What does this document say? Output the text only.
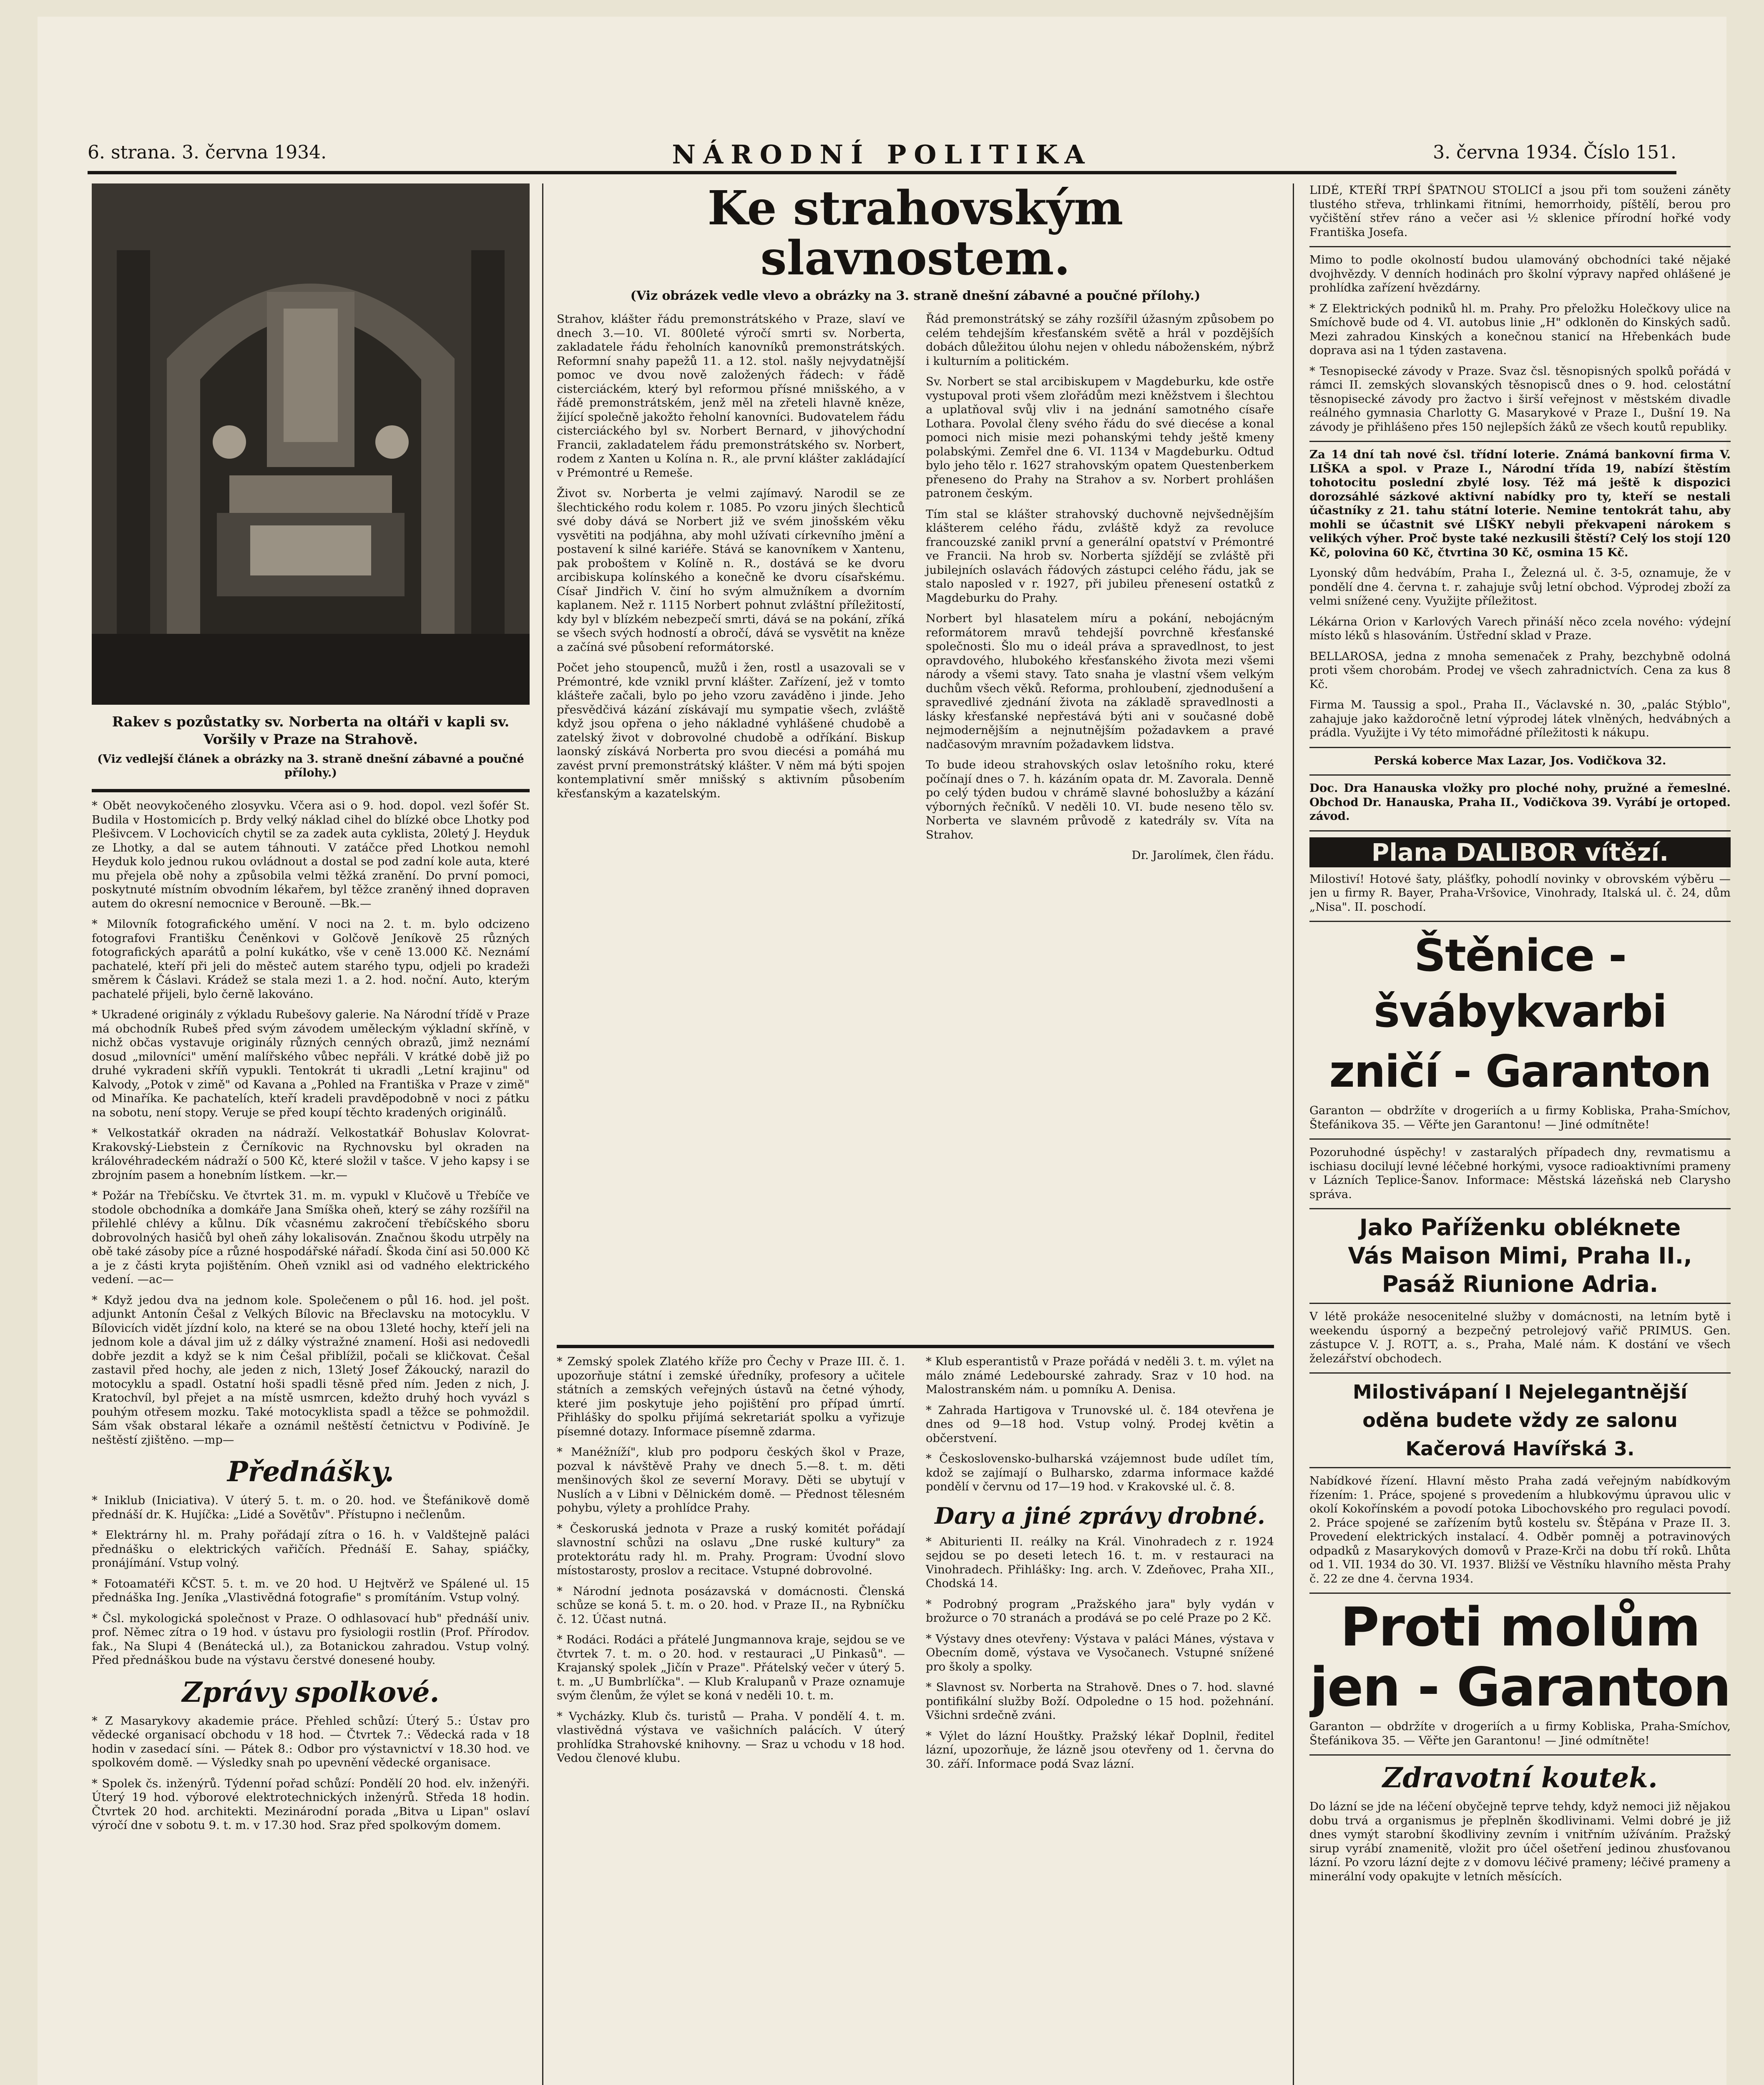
6. strana. 3. června 1934.	NÁRODNÍ POLITIKA	3. června 1934. Číslo 151.
Rakev s pozůstatky sv. Norberta na oltáři v kapli sv. Voršily v Praze na Strahově.
(Viz vedlejší článek a obrázky na 3. straně dnešní zábavné a poučné přílohy.)

* Obět neovykočeného zlosyvku. Včera asi o 9. hod. dopol. vezl šofér St. Budila v Hostomicích p. Brdy velký náklad cihel do blízké obce Lhotky pod Plešivcem. V Lochovicích chytil se za zadek auta cyklista, 20letý J. Heyduk ze Lhotky, a dal se autem táhnouti. V zatáčce před Lhotkou nemohl Heyduk kolo jednou rukou ovládnout a dostal se pod zadní kole auta, které mu přejela obě nohy a způsobila velmi těžká zranění. Do první pomoci, poskytnuté místním obvodním lékařem, byl těžce zraněný ihned dopraven autem do okresní nemocnice v Berouně. —Bk.—

* Milovník fotografického umění. V noci na 2. t. m. bylo odcizeno fotografovi Františku Čeněnkovi v Golčově Jeníkově 25 různých fotografických aparátů a polní kukátko, vše v ceně 13.000 Kč. Neznámí pachatelé, kteří při jeli do městeč autem starého typu, odjeli po kradeži směrem k Čáslavi. Krádež se stala mezi 1. a 2. hod. noční. Auto, kterým pachatelé přijeli, bylo černě lakováno.

* Ukradené originály z výkladu Rubešovy galerie. Na Národní třídě v Praze má obchodník Rubeš před svým závodem uměleckým výkladní skříně, v nichž občas vystavuje originály různých cenných obrazů, jimž neznámí dosud „milovníci" umění malířského vůbec nepřáli. V krátké době již po druhé vykradeni skříň vypukli. Tentokrát ti ukradli „Letní krajinu" od Kalvody, „Potok v zimě" od Kavana a „Pohled na Františka v Praze v zimě" od Minaříka. Ke pachatelích, kteří kradeli pravděpodobně v noci z pátku na sobotu, není stopy. Veruje se před koupí těchto kradených originálů.

* Velkostatkář okraden na nádraží. Velkostatkář Bohuslav Kolovrat-Krakovský-Liebstein z Černíkovic na Rychnovsku byl okraden na královéhradeckém nádraží o 500 Kč, které složil v tašce. V jeho kapsy i se zbrojním pasem a honebním lístkem. —kr.—

* Požár na Třebíčsku. Ve čtvrtek 31. m. m. vypukl v Klučově u Třebíče ve stodole obchodníka a domkáře Jana Smíška oheň, který se záhy rozšířil na přilehlé chlévy a kůlnu. Dík včasnému zakročení třebíčského sboru dobrovolných hasičů byl oheň záhy lokalisován. Značnou škodu utrpěly na obě také zásoby píce a různé hospodářské nářadí. Škoda činí asi 50.000 Kč a je z části kryta pojištěním. Oheň vznikl asi od vadného elektrického vedení. —ac—

* Když jedou dva na jednom kole. Společenem o půl 16. hod. jel pošt. adjunkt Antonín Češal z Velkých Bílovic na Břeclavsku na motocyklu. V Bílovicích vidět jízdní kolo, na které se na obou 13leté hochy, kteří jeli na jednom kole a dával jim už z dálky výstražné znamení. Hoši asi nedovedli dobře jezdit a když se k nim Češal přiblížil, počali se kličkovat. Češal zastavil před hochy, ale jeden z nich, 13letý Josef Žákoucký, narazil do motocyklu a spadl. Ostatní hoši spadli těsně před ním. Jeden z nich, J. Kratochvíl, byl přejet a na místě usmrcen, kdežto druhý hoch vyvázl s pouhým otřesem mozku. Také motocyklista spadl a těžce se pohmoždil. Sám však obstaral lékaře a oznámil neštěstí četnictvu v Podivíně. Je neštěstí zjištěno. —mp—

Přednášky.

* Iniklub (Iniciativa). V úterý 5. t. m. o 20. hod. ve Štefánikově domě přednáší dr. K. Hujíčka: „Lidé a Sovětův". Přístupno i nečlenům.

* Elektrárny hl. m. Prahy pořádají zítra o 16. h. v Valdštejně paláci přednášku o elektrických vařičích. Přednáší E. Sahay, spiáčky, pronájímání. Vstup volný.

* Fotoamatéři KČST. 5. t. m. ve 20 hod. U Hejtvěrž ve Spálené ul. 15 přednáška Ing. Jeníka „Vlastivědná fotografie" s promítáním. Vstup volný.

* Čsl. mykologická společnost v Praze. O odhlasovací hub" přednáší univ. prof. Němec zítra o 19 hod. v ústavu pro fysiologii rostlin (Prof. Přírodov. fak., Na Slupi 4 (Benátecká ul.), za Botanickou zahradou. Vstup volný. Před přednáškou bude na výstavu čerstvé donesené houby.

Zprávy spolkové.

* Z Masarykovy akademie práce. Přehled schůzí: Úterý 5.: Ústav pro vědecké organisací obchodu v 18 hod. — Čtvrtek 7.: Vědecká rada v 18 hodin v zasedací síni. — Pátek 8.: Odbor pro výstavnictví v 18.30 hod. ve spolkovém domě. — Výsledky snah po upevnění vědecké organisace.

* Spolek čs. inženýrů. Týdenní pořad schůzí: Pondělí 20 hod. elv. inženýři. Úterý 19 hod. výborové elektrotechnických inženýrů. Středa 18 hodin. Čtvrtek 20 hod. architekti. Mezinárodní porada „Bitva u Lipan" oslaví výročí dne v sobotu 9. t. m. v 17.30 hod. Sraz před spolkovým domem.

Ke strahovským slavnostem.
(Viz obrázek vedle vlevo a obrázky na 3. straně dnešní zábavné a poučné přílohy.)

Strahov, klášter řádu premonstrátského v Praze, slaví ve dnech 3.—10. VI. 800leté výročí smrti sv. Norberta, zakladatele řádu řeholních kanovníků premonstrátských. Reformní snahy papežů 11. a 12. stol. našly nejvydatnější pomoc ve dvou nově založených řádech: v řádě cisterciáckém, který byl reformou přísné mnišského, a v řádě premonstrátském, jenž měl na zřeteli hlavně kněze, žijící společně jakožto řeholní kanovníci. Budovatelem řádu cisterciáckého byl sv. Norbert Bernard, v jihovýchodní Francii, zakladatelem řádu premonstrátského sv. Norbert, rodem z Xanten u Kolína n. R., ale první klášter zakládající v Prémontré u Remeše.

Život sv. Norberta je velmi zajímavý. Narodil se ze šlechtického rodu kolem r. 1085. Po vzoru jiných šlechticů své doby dává se Norbert již ve svém jinošském věku vysvětiti na podjáhna, aby mohl užívati církevního jmění a postavení k silné kariéře. Stává se kanovníkem v Xantenu, pak proboštem v Kolíně n. R., dostává se ke dvoru arcibiskupa kolínského a konečně ke dvoru císařskému. Císař Jindřich V. činí ho svým almužníkem a dvorním kaplanem. Než r. 1115 Norbert pohnut zvláštní příležitostí, kdy byl v blízkém nebezpečí smrti, dává se na pokání, zříká se všech svých hodností a obročí, dává se vysvětit na kněze a začíná své působení reformátorské.

Počet jeho stoupenců, mužů i žen, rostl a usazovali se v Prémontré, kde vznikl první klášter. Zařízení, jež v tomto klášteře začali, bylo po jeho vzoru zaváděno i jinde. Jeho přesvědčivá kázání získávají mu sympatie všech, zvláště když jsou opřena o jeho nákladné vyhlášené chudobě a zatelský život v dobrovolné chudobě a odříkání. Biskup laonský získává Norberta pro svou diecési a pomáhá mu zavést první premonstrátský klášter. V něm má býti spojen kontemplativní směr mnišský s aktivním působením křesťanským a kazatelským.

Řád premonstrátský se záhy rozšířil úžasným způsobem po celém tehdejším křesťanském světě a hrál v pozdějších dobách důležitou úlohu nejen v ohledu náboženském, nýbrž i kulturním a politickém.

Sv. Norbert se stal arcibiskupem v Magdeburku, kde ostře vystupoval proti všem zlořádům mezi kněžstvem i šlechtou a uplatňoval svůj vliv i na jednání samotného císaře Lothara. Povolal členy svého řádu do své diecése a konal pomoci nich misie mezi pohanskými tehdy ještě kmeny polabskými. Zemřel dne 6. VI. 1134 v Magdeburku. Odtud bylo jeho tělo r. 1627 strahovským opatem Questenberkem přeneseno do Prahy na Strahov a sv. Norbert prohlášen patronem českým.

Tím stal se klášter strahovský duchovně nejvšednějším klášterem celého řádu, zvláště když za revoluce francouzské zanikl první a generální opatství v Prémontré ve Francii. Na hrob sv. Norberta sjíždějí se zvláště při jubilejních oslavách řádových zástupci celého řádu, jak se stalo naposled v r. 1927, při jubileu přenesení ostatků z Magdeburku do Prahy.

Norbert byl hlasatelem míru a pokání, nebojácným reformátorem mravů tehdejší povrchně křesťanské společnosti. Šlo mu o ideál práva a spravedlnost, to jest opravdového, hlubokého křesťanského života mezi všemi národy a všemi stavy. Tato snaha je vlastní všem velkým duchům všech věků. Reforma, prohloubení, zjednodušení a spravedlivé zjednání života na základě spravedlnosti a lásky křesťanské nepřestává býti ani v současné době nejmodernějším a nejnutnějším požadavkem a pravé nadčasovým mravním požadavkem lidstva.

To bude ideou strahovských oslav letošního roku, které počínají dnes o 7. h. kázáním opata dr. M. Zavorala. Denně po celý týden budou v chrámě slavné bohoslužby a kázání výborných řečníků. V neděli 10. VI. bude neseno tělo sv. Norberta ve slavném průvodě z katedrály sv. Víta na Strahov.

Dr. Jarolímek, člen řádu.

* Zemský spolek Zlatého kříže pro Čechy v Praze III. č. 1. upozorňuje státní i zemské úředníky, profesory a učitele státních a zemských veřejných ústavů na četné výhody, které jim poskytuje jeho pojištění pro případ úmrtí. Přihlášky do spolku přijímá sekretariát spolku a vyřizuje písemné dotazy. Informace písemně zdarma.

* Manéžníží", klub pro podporu českých škol v Praze, pozval k návštěvě Prahy ve dnech 5.—8. t. m. děti menšinových škol ze severní Moravy. Děti se ubytují v Nuslích a v Libni v Dělnickém domě. — Přednost tělesném pohybu, výlety a prohlídce Prahy.

* Českoruská jednota v Praze a ruský komitét pořádají slavnostní schůzi na oslavu „Dne ruské kultury" za protektorátu rady hl. m. Prahy. Program: Úvodní slovo místostarosty, proslov a recitace. Vstupné dobrovolné.

* Národní jednota posázavská v domácnosti. Členská schůze se koná 5. t. m. o 20. hod. v Praze II., na Rybníčku č. 12. Účast nutná.

* Rodáci. Rodáci a přátelé Jungmannova kraje, sejdou se ve čtvrtek 7. t. m. o 20. hod. v restauraci „U Pinkasů". — Krajanský spolek „Jičín v Praze". Přátelský večer v úterý 5. t. m. „U Bumbrlíčka". — Klub Kralupanů v Praze oznamuje svým členům, že výlet se koná v neděli 10. t. m.

* Vycházky. Klub čs. turistů — Praha. V pondělí 4. t. m. vlastivědná výstava ve vašichních palácích. V úterý prohlídka Strahovské knihovny. — Sraz u vchodu v 18 hod. Vedou členové klubu.

* Klub esperantistů v Praze pořádá v neděli 3. t. m. výlet na málo známé Ledebourské zahrady. Sraz v 10 hod. na Malostranském nám. u pomníku A. Denisa.

* Zahrada Hartigova v Trunovské ul. č. 184 otevřena je dnes od 9—18 hod. Vstup volný. Prodej květin a občerstvení.

* Československo-bulharská vzájemnost bude udílet tím, kdož se zajímají o Bulharsko, zdarma informace každé pondělí v červnu od 17—19 hod. v Krakovské ul. č. 8.

Dary a jiné zprávy drobné.

* Abiturienti II. reálky na Král. Vinohradech z r. 1924 sejdou se po deseti letech 16. t. m. v restauraci na Vinohradech. Přihlášky: Ing. arch. V. Zdeňovec, Praha XII., Chodská 14.

* Podrobný program „Pražského jara" byly vydán v brožurce o 70 stranách a prodává se po celé Praze po 2 Kč.

* Výstavy dnes otevřeny: Výstava v paláci Mánes, výstava v Obecním domě, výstava ve Vysočanech. Vstupné snížené pro školy a spolky.

* Slavnost sv. Norberta na Strahově. Dnes o 7. hod. slavné pontifikální služby Boží. Odpoledne o 15 hod. požehnání. Všichni srdečně zváni.

* Výlet do lázní Houštky. Pražský lékař Doplnil, ředitel lázní, upozorňuje, že lázně jsou otevřeny od 1. června do 30. září. Informace podá Svaz lázní.

LIDÉ, KTEŘÍ TRPÍ ŠPATNOU STOLICÍ a jsou při tom souženi záněty tlustého střeva, trhlinkami řitními, hemorrhoidy, píštělí, berou pro vyčištění střev ráno a večer asi ½ sklenice přírodní hořké vody Františka Josefa.

Mimo to podle okolností budou ulamováný obchodníci také nějaké dvojhvězdy. V denních hodinách pro školní výpravy napřed ohlášené je prohlídka zařízení hvězdárny.

* Z Elektrických podniků hl. m. Prahy. Pro přeložku Holečkovy ulice na Smíchově bude od 4. VI. autobus linie „H" odkloněn do Kinských sadů. Mezi zahradou Kinských a konečnou stanicí na Hřebenkách bude doprava asi na 1 týden zastavena.

* Tesnopisecké závody v Praze. Svaz čsl. těsnopisných spolků pořádá v rámci II. zemských slovanských těsnopisců dnes o 9. hod. celostátní těsnopisecké závody pro žactvo i širší veřejnost v městském divadle reálného gymnasia Charlotty G. Masarykové v Praze I., Dušní 19. Na závody je přihlášeno přes 150 nejlepších žáků ze všech koutů republiky.

Za 14 dní tah nové čsl. třídní loterie. Známá bankovní firma V. LIŠKA a spol. v Praze I., Národní třída 19, nabízí štěstím tohotocitu poslední zbylé losy. Též má ještě k dispozici dorozsáhlé sázkové aktivní nabídky pro ty, kteří se nestali účastníky z 21. tahu státní loterie. Nemine tentokrát tahu, aby mohli se účastnit své LIŠKY nebyli překvapeni nárokem s velikých výher. Proč byste také nezkusili štěstí? Celý los stojí 120 Kč, polovina 60 Kč, čtvrtina 30 Kč, osmina 15 Kč.

Lyonský dům hedvábím, Praha I., Železná ul. č. 3-5, oznamuje, že v pondělí dne 4. června t. r. zahajuje svůj letní obchod. Výprodej zboží za velmi snížené ceny. Využijte příležitost.

Lékárna Orion v Karlových Varech přináší něco zcela nového: výdejní místo léků s hlasováním. Ústřední sklad v Praze.

BELLAROSA, jedna z mnoha semenaček z Prahy, bezchybně odolná proti všem chorobám. Prodej ve všech zahradnictvích. Cena za kus 8 Kč.

Firma M. Taussig a spol., Praha II., Václavské n. 30, „palác Stýblo", zahajuje jako každoročně letní výprodej látek vlněných, hedvábných a prádla. Využijte i Vy této mimořádné příležitosti k nákupu.

Perská koberce Max Lazar, Jos. Vodičkova 32.

Doc. Dra Hanauska vložky pro ploché nohy, pružné a řemeslné. Obchod Dr. Hanauska, Praha II., Vodičkova 39. Vyrábí je ortoped. závod.

Plana DALIBOR vítězí.

Milostiví! Hotové šaty, plášťky, pohodlí novinky v obrovském výběru — jen u firmy R. Bayer, Praha-Vršovice, Vinohrady, Italská ul. č. 24, dům „Nisa". II. poschodí.

Štěnice - švábykvarbi
zničí - Garanton

Garanton — obdržíte v drogeriích a u firmy Kobliska, Praha-Smíchov, Štefánikova 35. — Věřte jen Garantonu! — Jiné odmítněte!

Pozoruhodné úspěchy! v zastaralých případech dny, revmatismu a ischiasu docilují levné léčebné horkými, vysoce radioaktivními prameny v Lázních Teplice-Šanov. Informace: Městská lázeňská neb Clarysho správa.

Jako Paříženku obléknete
Vás Maison Mimi, Praha II.,
Pasáž Riunione Adria.

V létě prokáže nesocenitelné služby v domácnosti, na letním bytě i weekendu úsporný a bezpečný petrolejový vařič PRIMUS. Gen. zástupce V. J. ROTT, a. s., Praha, Malé nám. K dostání ve všech železářství obchodech.

Milostivápaní I Nejelegantnější
oděna budete vždy ze salonu
Kačerová Havířská 3.

Nabídkové řízení. Hlavní město Praha zadá veřejným nabídkovým řízením: 1. Práce, spojené s provedením a hlubkovýmu úpravou ulic v okolí Kokořínském a povodí potoka Libochovského pro regulaci povodí. 2. Práce spojené se zařízením bytů kostelu sv. Štěpána v Praze II. 3. Provedení elektrických instalací. 4. Odběr pomněj a potravinových odpadků z Masarykových domovů v Praze-Krči na dobu tří roků. Lhůta od 1. VII. 1934 do 30. VI. 1937. Bližší ve Věstníku hlavního města Prahy č. 22 ze dne 4. června 1934.

Proti molům
jen - Garanton

Garanton — obdržíte v drogeriích a u firmy Kobliska, Praha-Smíchov, Štefánikova 35. — Věřte jen Garantonu! — Jiné odmítněte!

Zdravotní koutek.

Do lázní se jde na léčení obyčejně teprve tehdy, když nemoci již nějakou dobu trvá a organismus je přeplněn škodlivinami. Velmi dobré je již dnes vymýt starobní škodliviny zevním i vnitřním užíváním. Pražský sirup vyrábí znamenitě, vložit pro účel ošetření jedinou zhusťovanou lázní. Po vzoru lázní dejte z v domovu léčivé prameny; léčivé prameny a minerální vody opakujte v letních měsících.
